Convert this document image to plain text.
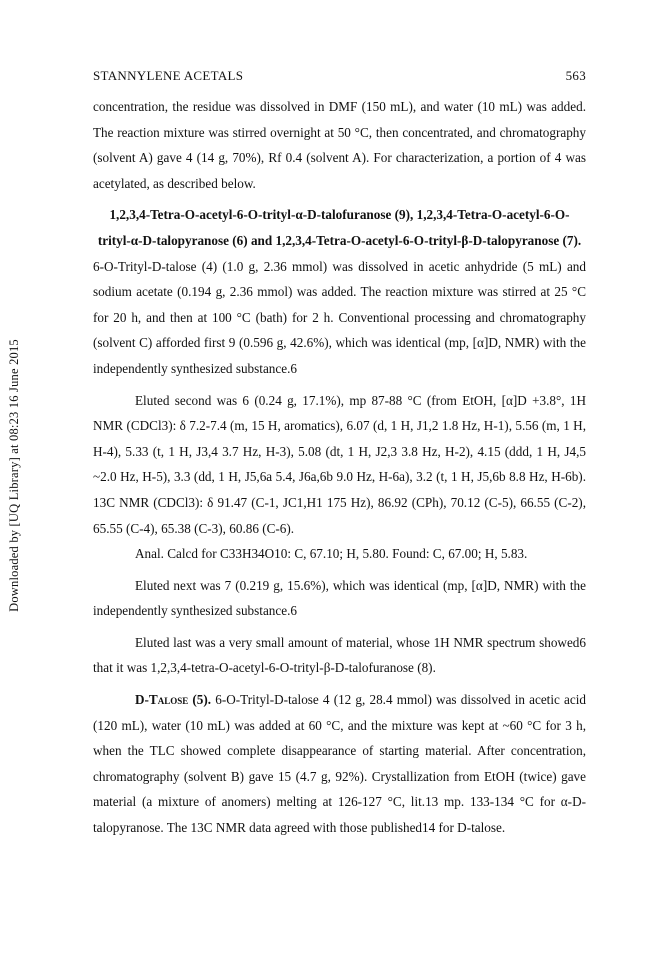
Downloaded by [UQ Library] at 08:23 16 June 2015
STANNYLENE ACETALS	563

concentration, the residue was dissolved in DMF (150 mL), and water (10 mL) was added. The reaction mixture was stirred overnight at 50 °C, then concentrated, and chromatography (solvent A) gave 4 (14 g, 70%), Rf 0.4 (solvent A). For characterization, a portion of 4 was acetylated, as described below.

1,2,3,4-Tetra-O-acetyl-6-O-trityl-α-D-talofuranose (9), 1,2,3,4-Tetra-O-acetyl-6-O-trityl-α-D-talopyranose (6) and 1,2,3,4-Tetra-O-acetyl-6-O-trityl-β-D-talopyranose (7).

6-O-Trityl-D-talose (4) (1.0 g, 2.36 mmol) was dissolved in acetic anhydride (5 mL) and sodium acetate (0.194 g, 2.36 mmol) was added. The reaction mixture was stirred at 25 °C for 20 h, and then at 100 °C (bath) for 2 h. Conventional processing and chromatography (solvent C) afforded first 9 (0.596 g, 42.6%), which was identical (mp, [α]D, NMR) with the independently synthesized substance.6

Eluted second was 6 (0.24 g, 17.1%), mp 87-88 °C (from EtOH, [α]D +3.8°, 1H NMR (CDCl3): δ 7.2-7.4 (m, 15 H, aromatics), 6.07 (d, 1 H, J1,2 1.8 Hz, H-1), 5.56 (m, 1 H, H-4), 5.33 (t, 1 H, J3,4 3.7 Hz, H-3), 5.08 (dt, 1 H, J2,3 3.8 Hz, H-2), 4.15 (ddd, 1 H, J4,5 ~2.0 Hz, H-5), 3.3 (dd, 1 H, J5,6a 5.4, J6a,6b 9.0 Hz, H-6a), 3.2 (t, 1 H, J5,6b 8.8 Hz, H-6b). 13C NMR (CDCl3): δ 91.47 (C-1, JC1,H1 175 Hz), 86.92 (CPh), 70.12 (C-5), 66.55 (C-2), 65.55 (C-4), 65.38 (C-3), 60.86 (C-6).

Anal. Calcd for C33H34O10: C, 67.10; H, 5.80. Found: C, 67.00; H, 5.83.

Eluted next was 7 (0.219 g, 15.6%), which was identical (mp, [α]D, NMR) with the independently synthesized substance.6

Eluted last was a very small amount of material, whose 1H NMR spectrum showed6 that it was 1,2,3,4-tetra-O-acetyl-6-O-trityl-β-D-talofuranose (8).

D-Talose (5). 6-O-Trityl-D-talose 4 (12 g, 28.4 mmol) was dissolved in acetic acid (120 mL), water (10 mL) was added at 60 °C, and the mixture was kept at ~60 °C for 3 h, when the TLC showed complete disappearance of starting material. After concentration, chromatography (solvent B) gave 15 (4.7 g, 92%). Crystallization from EtOH (twice) gave material (a mixture of anomers) melting at 126-127 °C, lit.13 mp. 133-134 °C for α-D-talopyranose. The 13C NMR data agreed with those published14 for D-talose.
